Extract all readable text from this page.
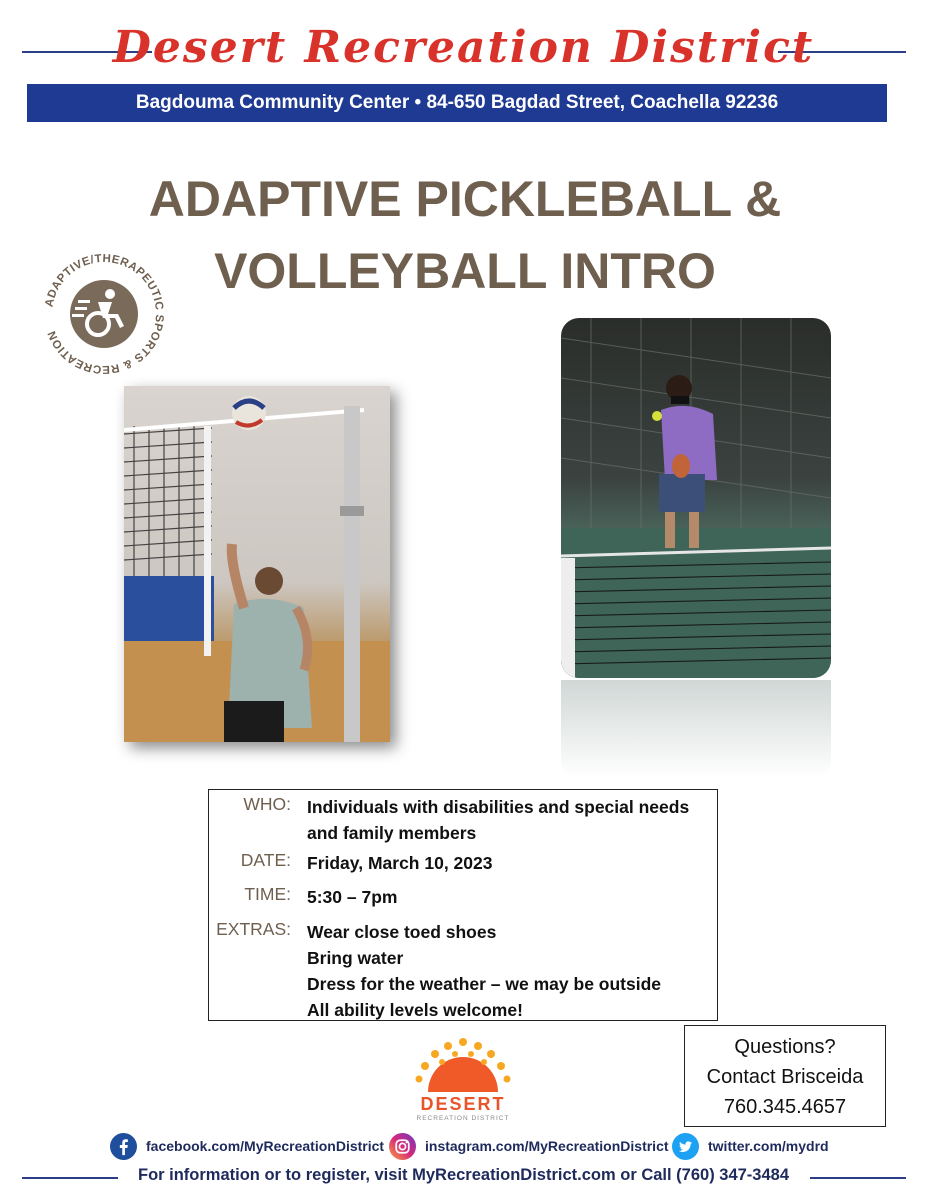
Desert Recreation District
Bagdouma Community Center • 84-650 Bagdad Street, Coachella 92236
ADAPTIVE PICKLEBALL &
VOLLEYBALL INTRO
ADAPTIVE/THERAPEUTIC SPORTS & RECREATION
WHO: Individuals with disabilities and special needs
and family members
DATE: Friday, March 10, 2023
TIME: 5:30 – 7pm
EXTRAS: Wear close toed shoes
Bring water
Dress for the weather – we may be outside
All ability levels welcome!
DESERT
RECREATION DISTRICT
Questions?
Contact Brisceida
760.345.4657
facebook.com/MyRecreationDistrict	instagram.com/MyRecreationDistrict	twitter.com/mydrd
For information or to register, visit MyRecreationDistrict.com or Call (760) 347-3484
